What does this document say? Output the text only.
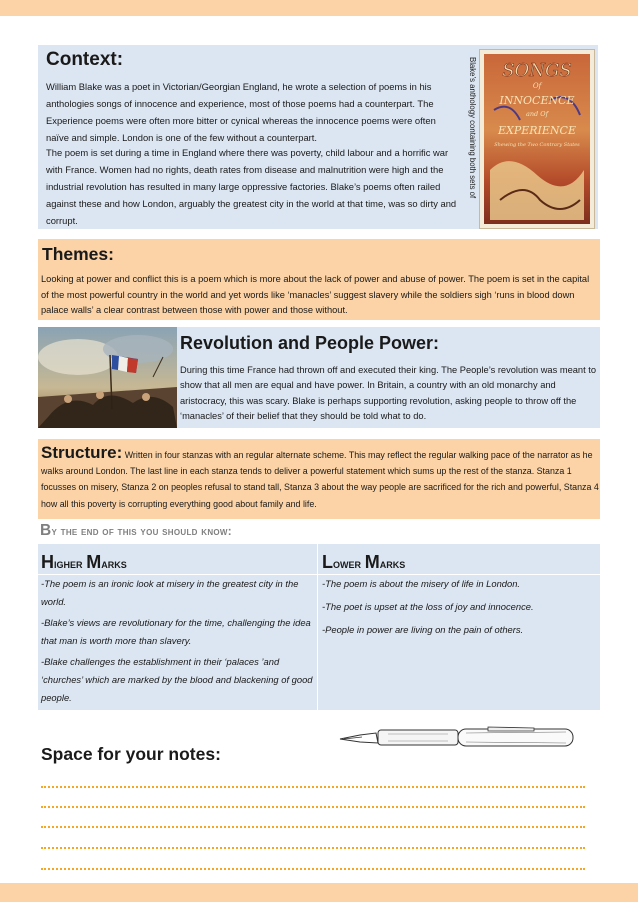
Context:

William Blake was a poet in Victorian/Georgian England, he wrote a selection of poems in his anthologies songs of innocence and experience, most of those poems had a counterpart. The Experience poems were often more bitter or cynical whereas the innocence poems were often naïve and simple. London is one of the few without a counterpart.

The poem is set during a time in England where there was poverty, child labour and a horrific war with France. Women had no rights, death rates from disease and malnutrition were high and the industrial revolution has resulted in many large oppressive factories. Blake’s poems often railed against these and how London, arguably the greatest city in the world at that time, was so dirty and corrupt.

Blake’s anthology containing both sets of SONGS
Of
INNOCENCE
and Of
EXPERIENCE
Shewing the Two Contrary States
Themes:

Looking at power and conflict this is a poem which is more about the lack of power and abuse of power. The poem is set in the capital of the most powerful country in the world and yet words like ‘manacles’ suggest slavery while the soldiers sigh ‘runs in blood down palace walls’ a clear contrast between those with power and those without.

Revolution and People Power:

During this time France had thrown off and executed their king. The People’s revolution was meant to show that all men are equal and have power. In Britain, a country with an old monarchy and aristocracy, this was scary. Blake is perhaps supporting revolution, asking people to throw off the ‘manacles’ of their belief that they should be told what to do.

Structure: Written in four stanzas with an regular alternate scheme. This may reflect the regular walking pace of the narrator as he walks around London. The last line in each stanza tends to deliver a powerful statement which sums up the rest of the stanza. Stanza 1 focusses on misery, Stanza 2 on peoples refusal to stand tall, Stanza 3 about the way people are sacrificed for the rich and powerful, Stanza 4 how all this poverty is corrupting everything good about family and life.

By the end of this you should know:
Higher Marks	Lower Marks

-The poem is an ironic look at misery in the greatest city in the world.

-Blake’s views are revolutionary for the time, challenging the idea that man is worth more than slavery.

-Blake challenges the establishment in their ‘palaces ’and ‘churches’ which are marked by the blood and blackening of good people.

-The poem is about the misery of life in London.

-The poet is upset at the loss of joy and innocence.

-People in power are living on the pain of others.

Space for your notes:
